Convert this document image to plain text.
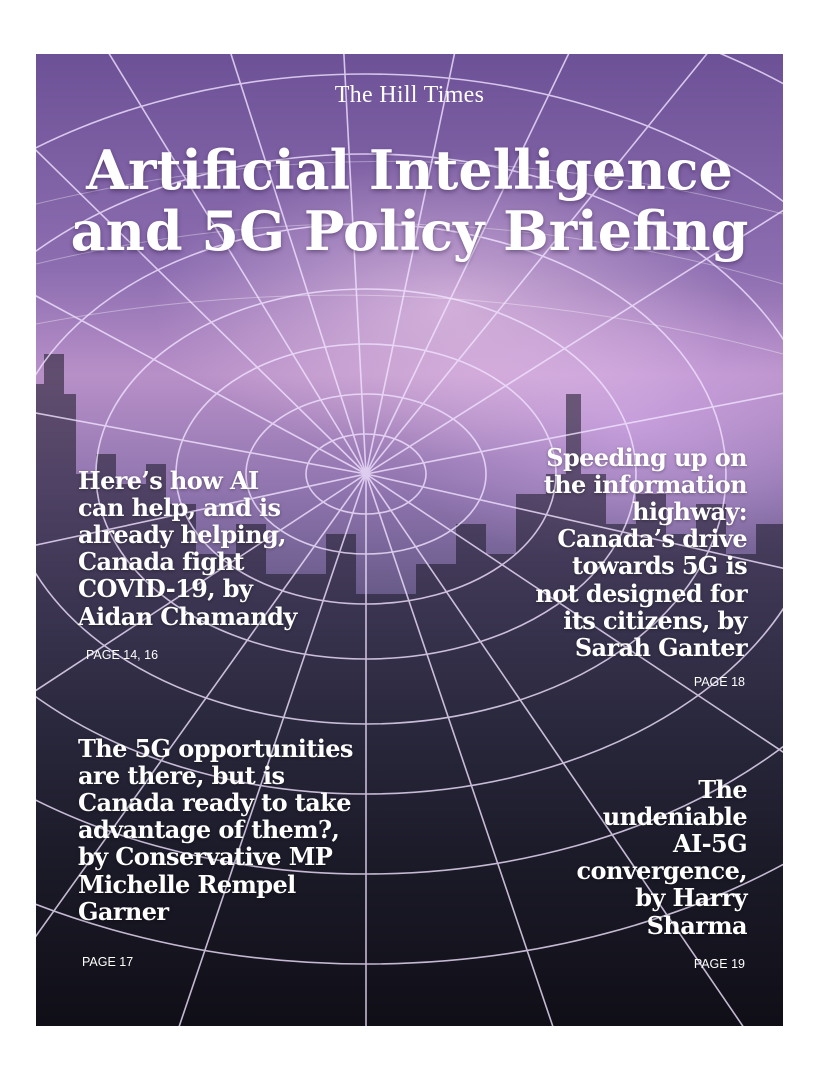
The Hill Times
Artificial Intelligence
and 5G Policy Briefing
Here’s how AI
can help, and is
already helping,
Canada fight
COVID-19, by
Aidan Chamandy
PAGE 14, 16
Speeding up on
the information
highway:
Canada’s drive
towards 5G is
not designed for
its citizens, by
Sarah Ganter
PAGE 18
The 5G opportunities
are there, but is
Canada ready to take
advantage of them?,
by Conservative MP
Michelle Rempel
Garner
PAGE 17
The
undeniable
AI-5G
convergence,
by Harry
Sharma
PAGE 19
